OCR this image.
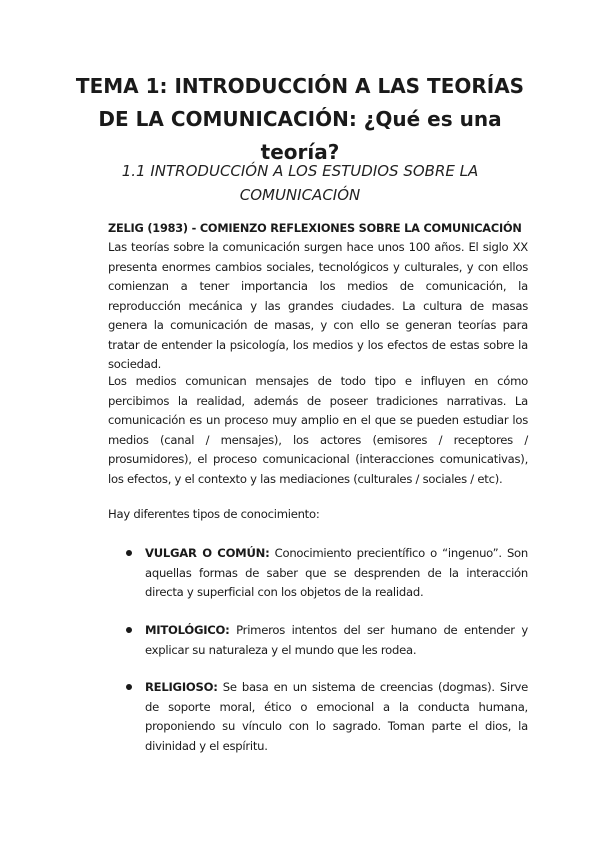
TEMA 1: INTRODUCCIÓN A LAS TEORÍAS DE LA COMUNICACIÓN: ¿Qué es una teoría?
1.1 INTRODUCCIÓN A LOS ESTUDIOS SOBRE LA COMUNICACIÓN
ZELIG (1983) - COMIENZO REFLEXIONES SOBRE LA COMUNICACIÓN

Las teorías sobre la comunicación surgen hace unos 100 años. El siglo XX presenta enormes cambios sociales, tecnológicos y culturales, y con ellos comienzan a tener importancia los medios de comunicación, la reproducción mecánica y las grandes ciudades. La cultura de masas genera la comunicación de masas, y con ello se generan teorías para tratar de entender la psicología, los medios y los efectos de estas sobre la sociedad.

Los medios comunican mensajes de todo tipo e influyen en cómo percibimos la realidad, además de poseer tradiciones narrativas. La comunicación es un proceso muy amplio en el que se pueden estudiar los medios (canal / mensajes), los actores (emisores / receptores / prosumidores), el proceso comunicacional (interacciones comunicativas), los efectos, y el contexto y las mediaciones (culturales / sociales / etc).

Hay diferentes tipos de conocimiento:

VULGAR O COMÚN: Conocimiento precientífico o “ingenuo”. Son aquellas formas de saber que se desprenden de la interacción directa y superficial con los objetos de la realidad.
MITOLÓGICO: Primeros intentos del ser humano de entender y explicar su naturaleza y el mundo que les rodea.
RELIGIOSO: Se basa en un sistema de creencias (dogmas). Sirve de soporte moral, ético o emocional a la conducta humana, proponiendo su vínculo con lo sagrado. Toman parte el dios, la divinidad y el espíritu.
